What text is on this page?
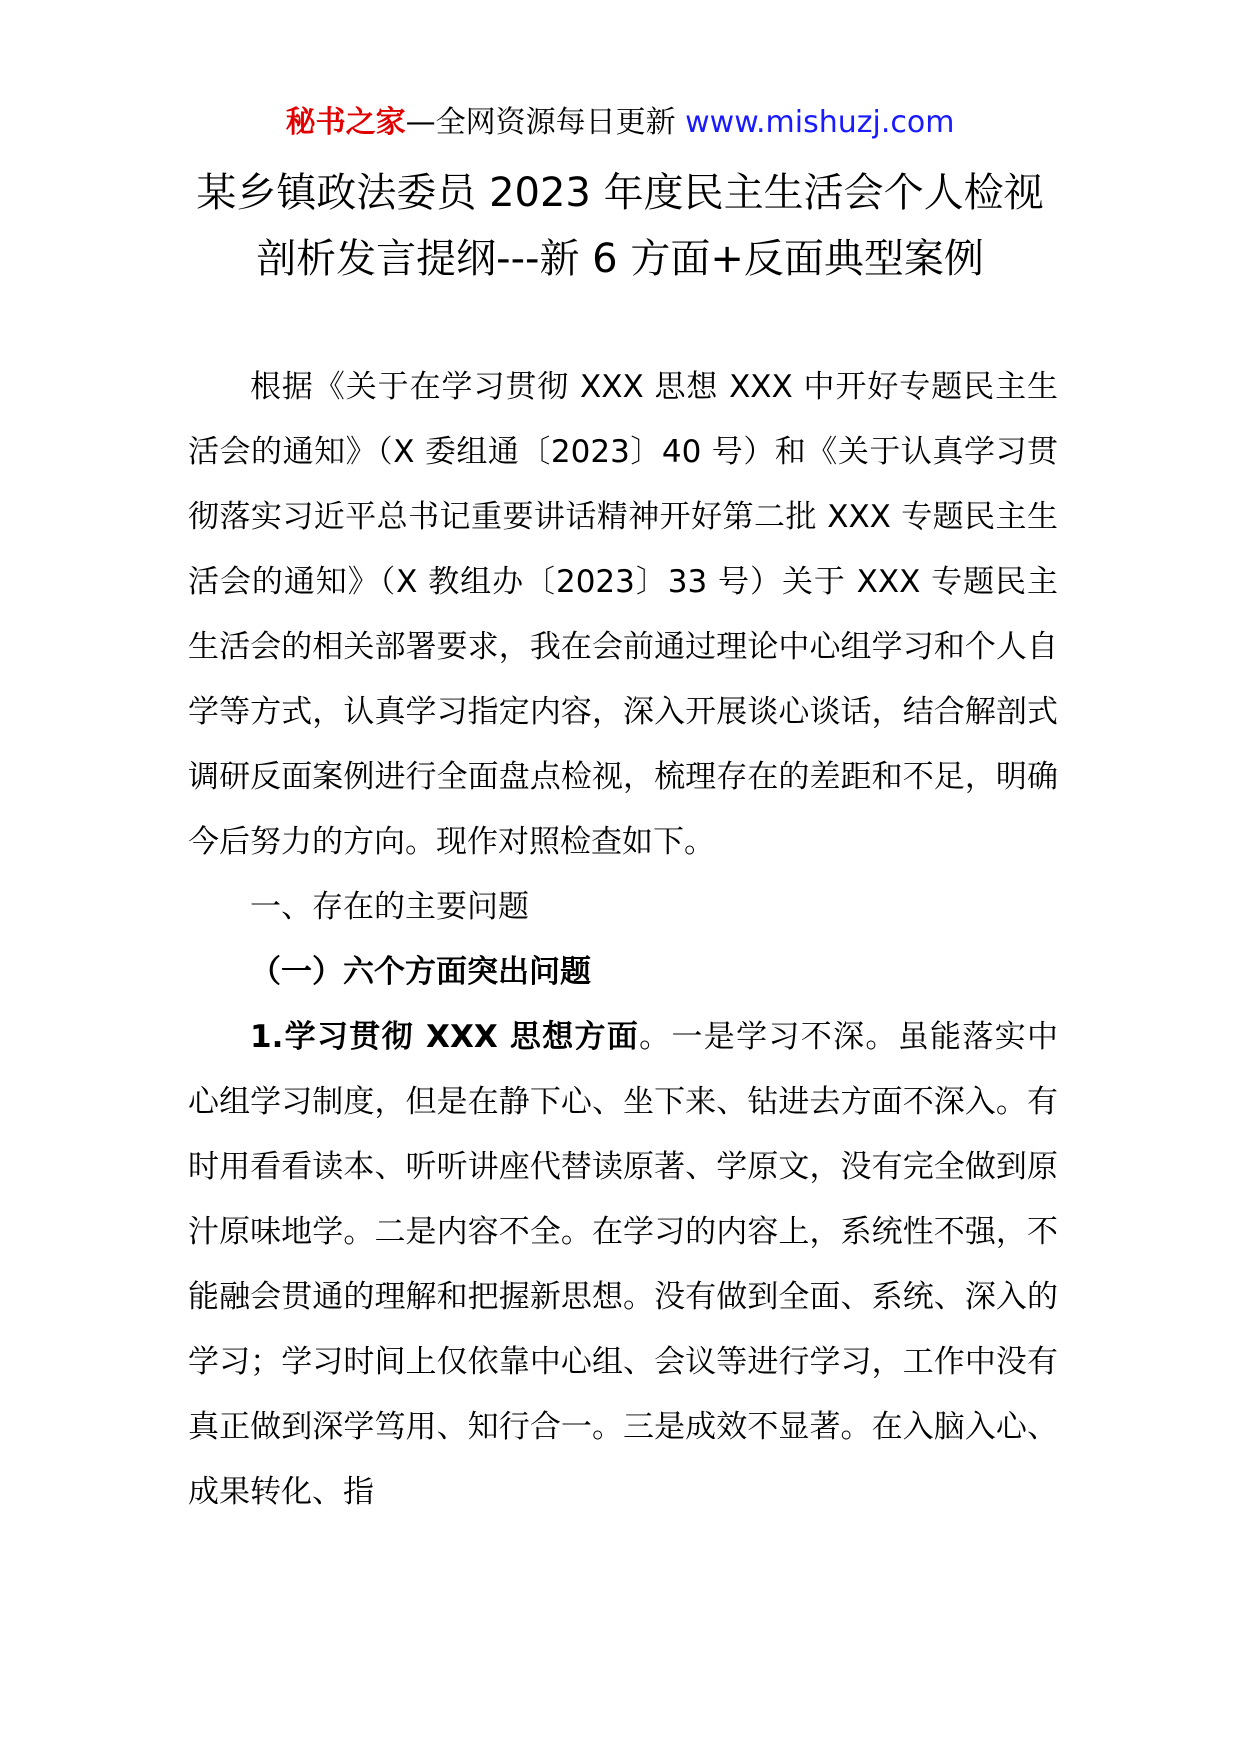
秘书之家—全网资源每日更新 www.mishuzj.com
某乡镇政法委员 2023 年度民主生活会个人检视
剖析发言提纲---新 6 方面+反面典型案例

根据《关于在学习贯彻 XXX 思想 XXX 中开好专题民主生活会的通知》（X 委组通〔2023〕40 号）和《关于认真学习贯彻落实习近平总书记重要讲话精神开好第二批 XXX 专题民主生活会的通知》（X 教组办〔2023〕33 号）关于 XXX 专题民主生活会的相关部署要求，我在会前通过理论中心组学习和个人自学等方式，认真学习指定内容，深入开展谈心谈话，结合解剖式调研反面案例进行全面盘点检视，梳理存在的差距和不足，明确今后努力的方向。现作对照检查如下。

一、存在的主要问题

（一）六个方面突出问题

1.学习贯彻 XXX 思想方面。一是学习不深。虽能落实中心组学习制度，但是在静下心、坐下来、钻进去方面不深入。有时用看看读本、听听讲座代替读原著、学原文，没有完全做到原汁原味地学。二是内容不全。在学习的内容上，系统性不强，不能融会贯通的理解和把握新思想。没有做到全面、系统、深入的学习；学习时间上仅依靠中心组、会议等进行学习，工作中没有真正做到深学笃用、知行合一。三是成效不显著。在入脑入心、成果转化、指
